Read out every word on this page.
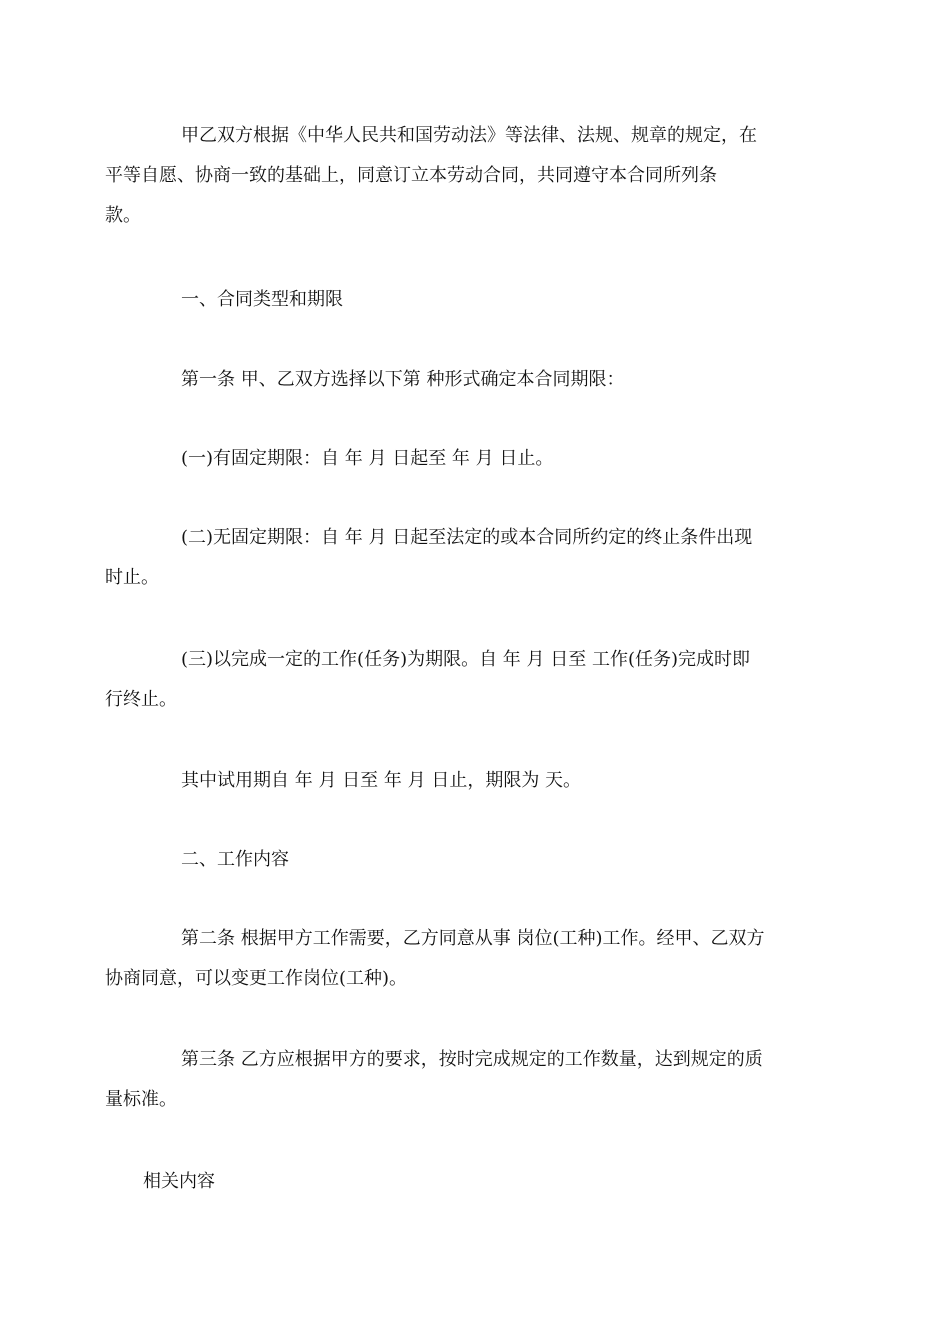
甲乙双方根据《中华人民共和国劳动法》等法律、法规、规章的规定，在
平等自愿、协商一致的基础上，同意订立本劳动合同，共同遵守本合同所列条
款。

一、合同类型和期限

第一条 甲、乙双方选择以下第 种形式确定本合同期限：

(一)有固定期限：自 年 月 日起至 年 月 日止。

(二)无固定期限：自 年 月 日起至法定的或本合同所约定的终止条件出现
时止。

(三)以完成一定的工作(任务)为期限。自 年 月 日至 工作(任务)完成时即
行终止。

其中试用期自 年 月 日至 年 月 日止，期限为 天。

二、工作内容

第二条 根据甲方工作需要，乙方同意从事 岗位(工种)工作。经甲、乙双方
协商同意，可以变更工作岗位(工种)。

第三条 乙方应根据甲方的要求，按时完成规定的工作数量，达到规定的质
量标准。

相关内容
